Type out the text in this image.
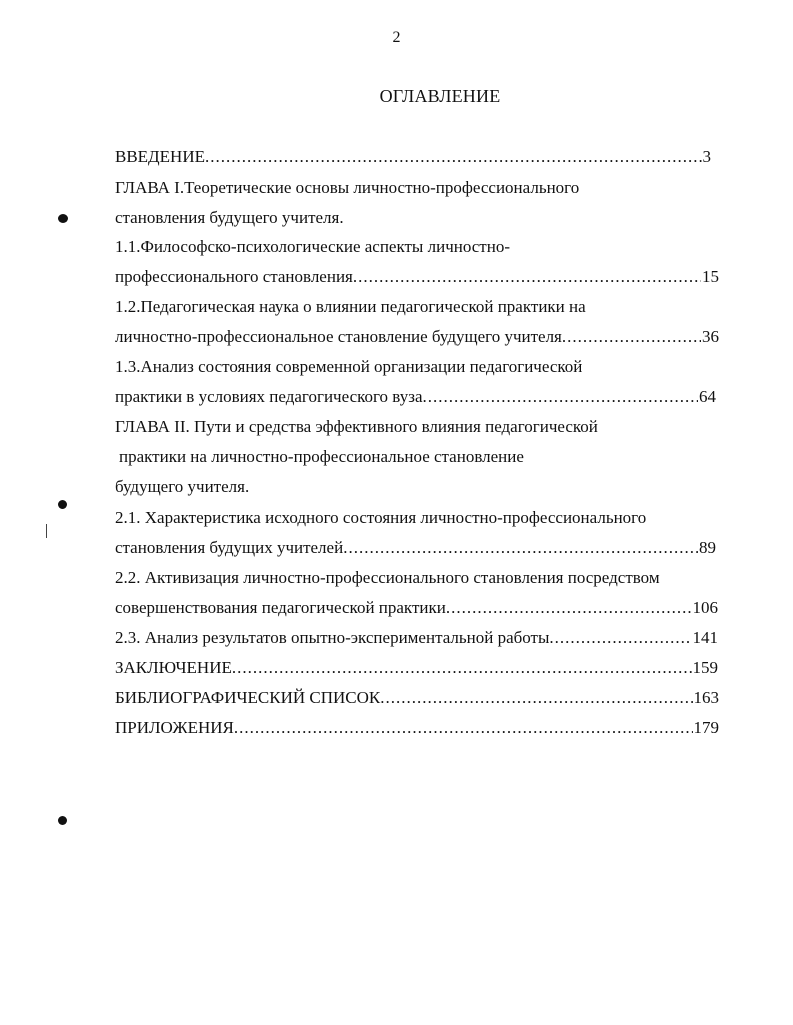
2
ОГЛАВЛЕНИЕ
ВВЕДЕНИЕ .....	3
ГЛАВА I.Теоретические основы личностно-профессионального
становления будущего учителя.
1.1.Философско-психологические аспекты личностно-
профессионального становления .....	15
1.2.Педагогическая наука о влиянии педагогической практики на
личностно-профессиональное становление будущего учителя .....	36
1.3.Анализ состояния современной организации педагогической
практики в условиях педагогического вуза .....	64
ГЛАВА II. Пути и средства эффективного влияния педагогической
практики на личностно-профессиональное становление
будущего учителя.
2.1. Характеристика исходного состояния личностно-профессионального
становления будущих учителей .....	89
2.2. Активизация личностно-профессионального становления посредством
совершенствования педагогической практики .....	106
2.3. Анализ результатов опытно-экспериментальной работы .....	141
ЗАКЛЮЧЕНИЕ .....	159
БИБЛИОГРАФИЧЕСКИЙ СПИСОК .....	163
ПРИЛОЖЕНИЯ .....	179
